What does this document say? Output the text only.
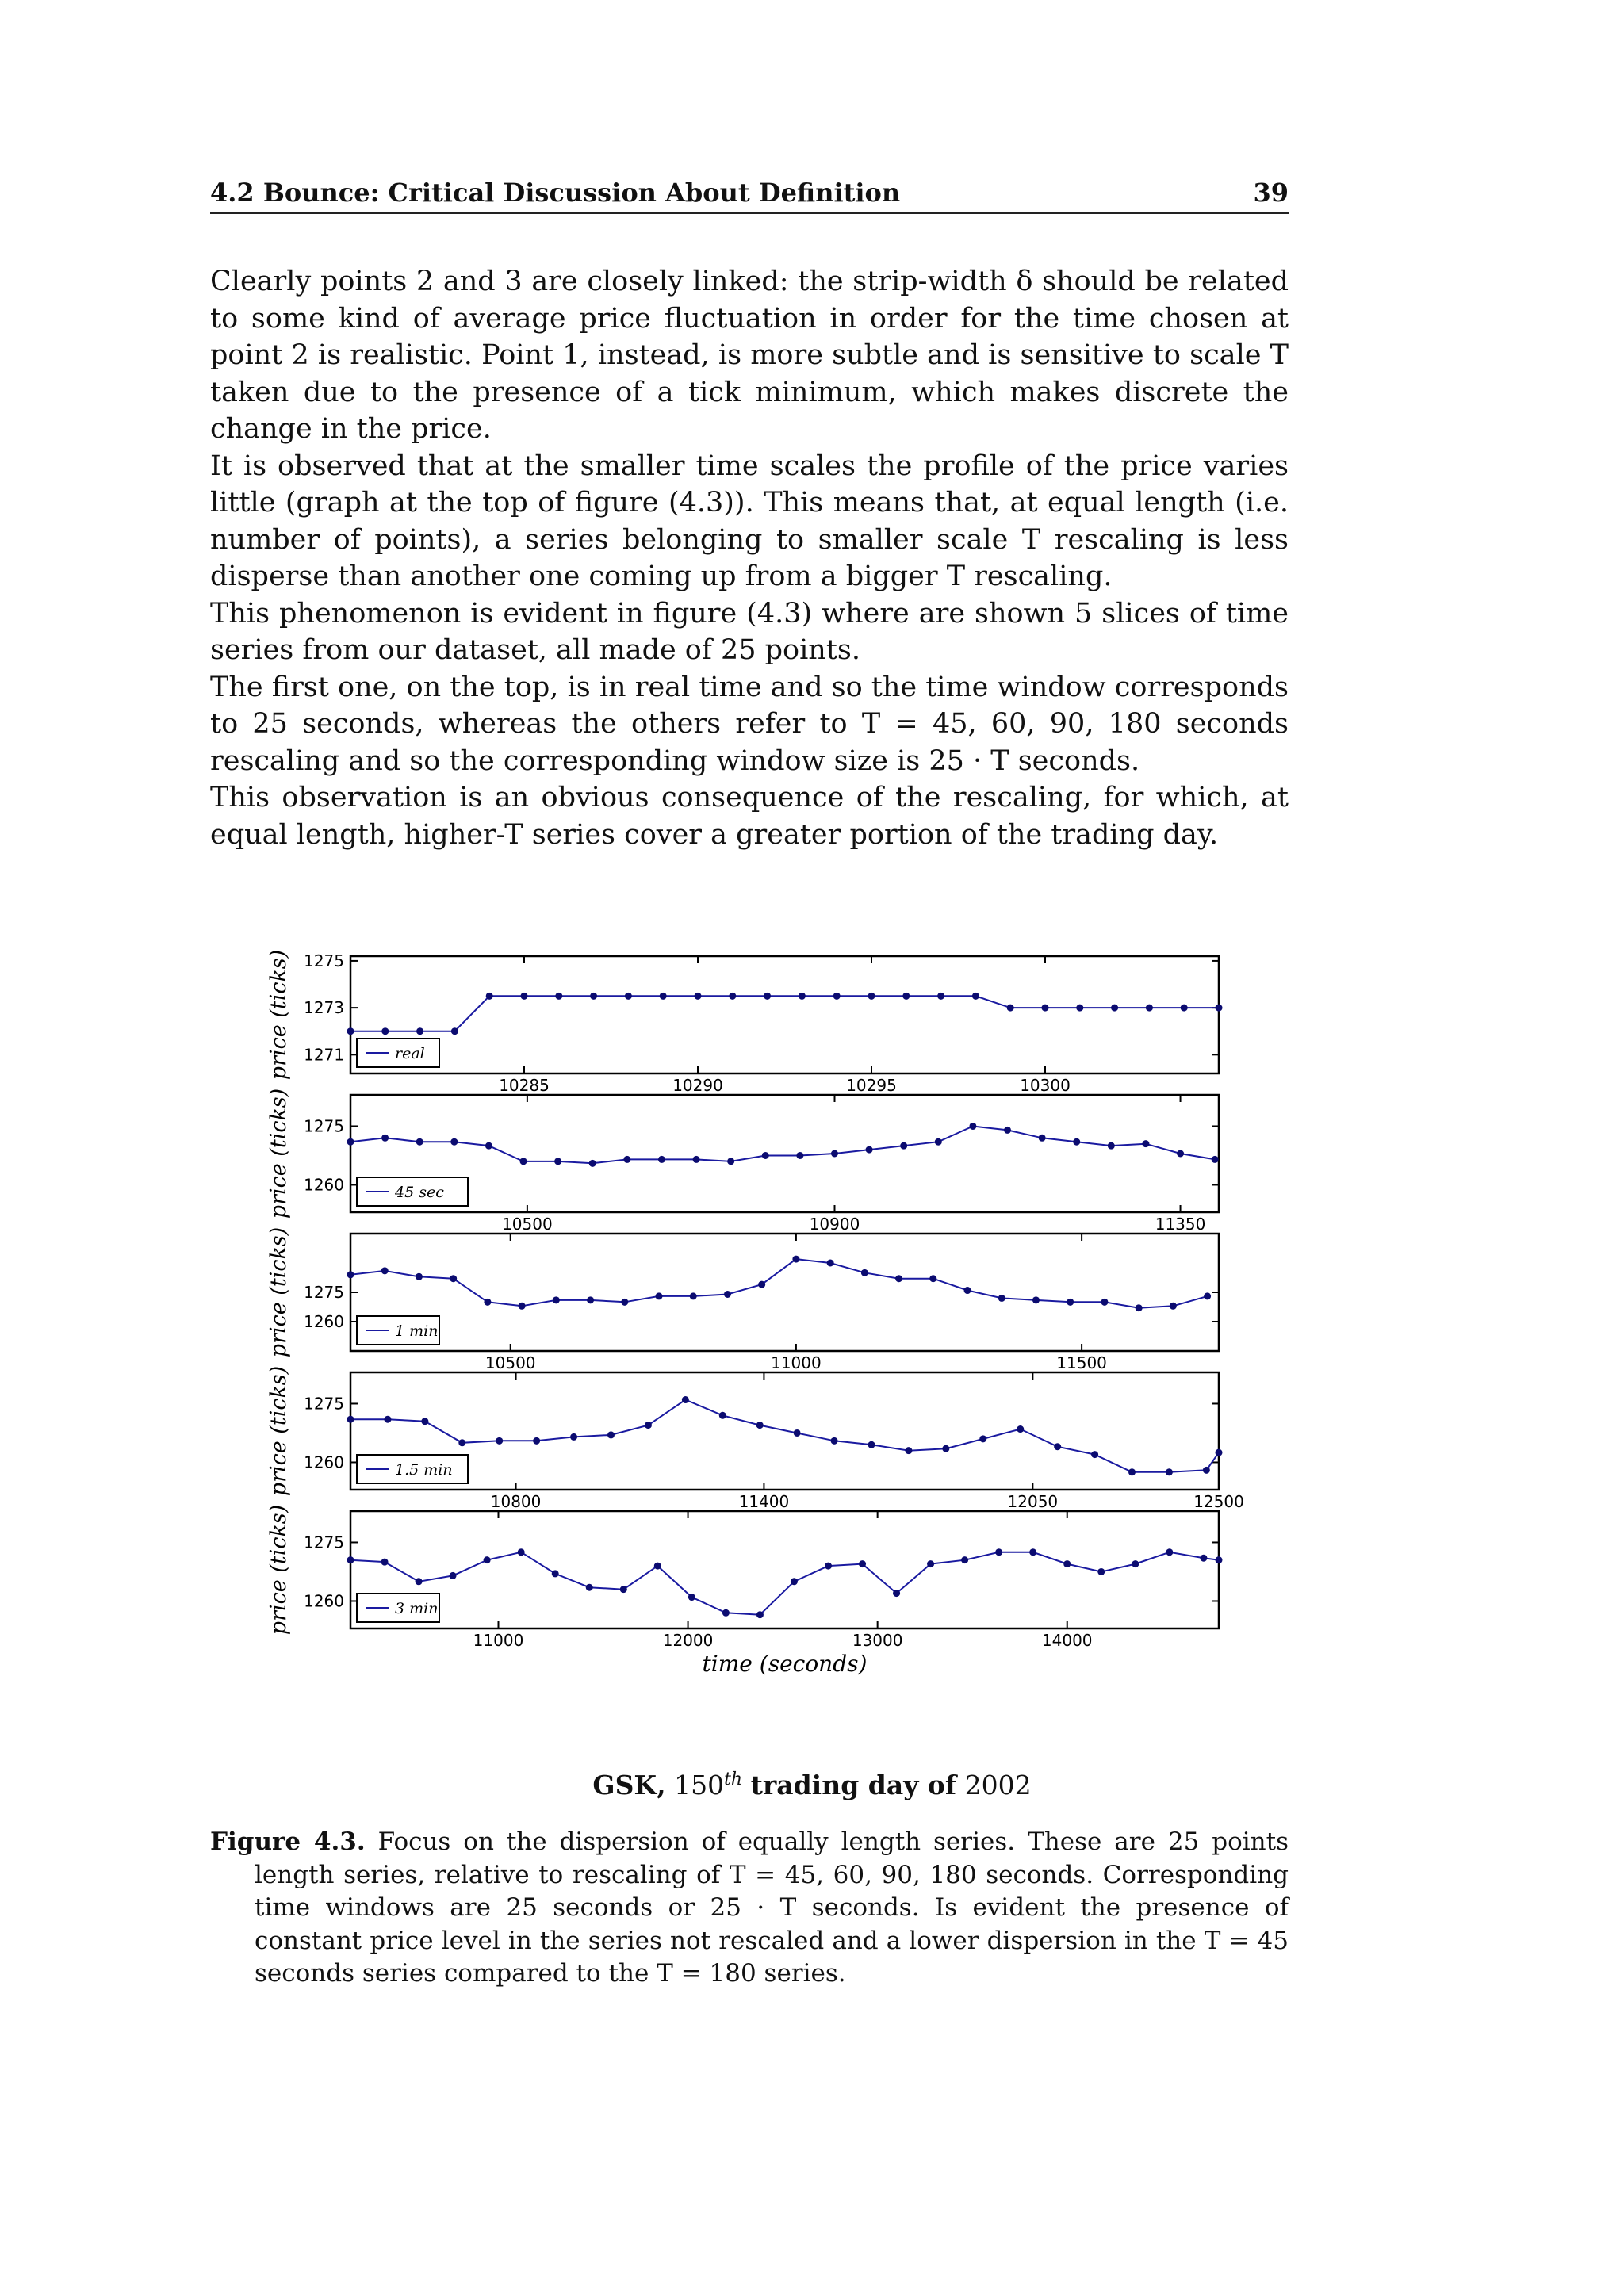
4.2 Bounce: Critical Discussion About Definition	39

Clearly points 2 and 3 are closely linked: the strip-width δ should be related to some kind of average price fluctuation in order for the time chosen at point 2 is realistic. Point 1, instead, is more subtle and is sensitive to scale T taken due to the presence of a tick minimum, which makes discrete the change in the price.

It is observed that at the smaller time scales the profile of the price varies little (graph at the top of figure (4.3)). This means that, at equal length (i.e. number of points), a series belonging to smaller scale T rescaling is less disperse than another one coming up from a bigger T rescaling.

This phenomenon is evident in figure (4.3) where are shown 5 slices of time series from our dataset, all made of 25 points.

The first one, on the top, is in real time and so the time window corresponds to 25 seconds, whereas the others refer to T = 45, 60, 90, 180 seconds rescaling and so the corresponding window size is 25 · T seconds.

This observation is an obvious consequence of the rescaling, for which, at equal length, higher-T series cover a greater portion of the trading day.

1271
1273
1275
10285	10290	10295	10300
real
price (ticks)
1260
1275
10500	10900	11350
45 sec
price (ticks)
1260
1275
10500	11000	11500
1 min
price (ticks)
1260
1275
10800	11400	12050	12500
1.5 min
price (ticks)
1260
1275
11000	12000	13000	14000
3 min
price (ticks)
time (seconds)
GSK, 150th trading day of 2002
Figure 4.3. Focus on the dispersion of equally length series. These are 25 points length series, relative to rescaling of T = 45, 60, 90, 180 seconds. Corresponding time windows are 25 seconds or 25 · T seconds. Is evident the presence of constant price level in the series not rescaled and a lower dispersion in the T = 45 seconds series compared to the T = 180 series.
